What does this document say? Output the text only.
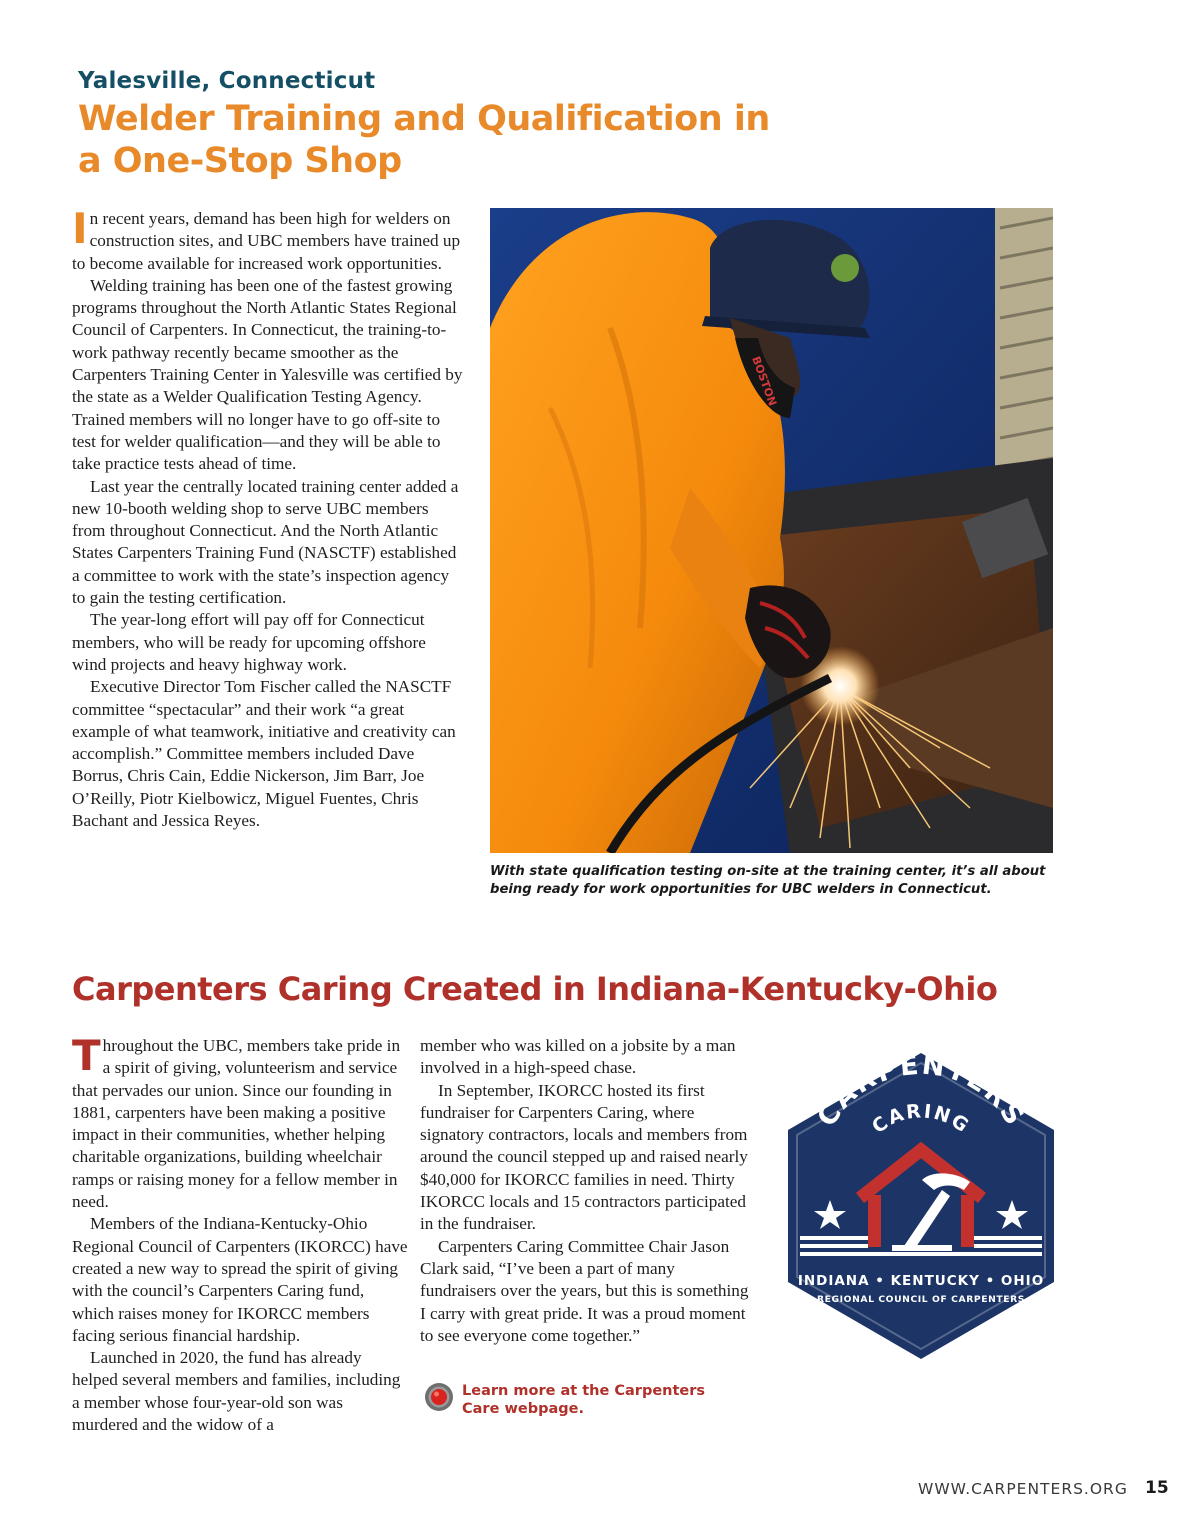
Yalesville, Connecticut
Welder Training and Qualification in a One-Stop Shop

In recent years, demand has been high for welders on construction sites, and UBC members have trained up to become available for increased work opportunities.

Welding training has been one of the fastest growing programs throughout the North Atlantic States Regional Council of Carpenters. In Connecticut, the training-to-work pathway recently became smoother as the Carpenters Training Center in Yalesville was certified by the state as a Welder Qualification Testing Agency. Trained members will no longer have to go off-site to test for welder qualification—and they will be able to take practice tests ahead of time.

Last year the centrally located training center added a new 10-booth welding shop to serve UBC members from throughout Connecticut. And the North Atlantic States Carpenters Training Fund (NASCTF) established a committee to work with the state’s inspection agency to gain the testing certification.

The year-long effort will pay off for Connecticut members, who will be ready for upcoming offshore wind projects and heavy highway work.

Executive Director Tom Fischer called the NASCTF committee “spectacular” and their work “a great example of what teamwork, initiative and creativity can accomplish.” Committee members included Dave Borrus, Chris Cain, Eddie Nickerson, Jim Barr, Joe O’Reilly, Piotr Kielbowicz, Miguel Fuentes, Chris Bachant and Jessica Reyes.

BOSTON
With state qualification testing on-site at the training center, it’s all about being ready for work opportunities for UBC welders in Connecticut.
Carpenters Caring Created in Indiana-Kentucky-Ohio

Throughout the UBC, members take pride in a spirit of giving, volunteerism and service that pervades our union. Since our founding in 1881, carpenters have been making a positive impact in their communities, whether helping charitable organizations, building wheelchair ramps or raising money for a fellow member in need.

Members of the Indiana-Kentucky-Ohio Regional Council of Carpenters (IKORCC) have created a new way to spread the spirit of giving with the council’s Carpenters Caring fund, which raises money for IKORCC members facing serious financial hardship.

Launched in 2020, the fund has already helped several members and families, including a member whose four-year-old son was murdered and the widow of a

member who was killed on a jobsite by a man involved in a high-speed chase.

In September, IKORCC hosted its first fundraiser for Carpenters Caring, where signatory contractors, locals and members from around the council stepped up and raised nearly $40,000 for IKORCC families in need. Thirty IKORCC locals and 15 contractors participated in the fundraiser.

Carpenters Caring Committee Chair Jason Clark said, “I’ve been a part of many fundraisers over the years, but this is something I carry with great pride. It was a proud moment to see everyone come together.”

Learn more at the Carpenters Care webpage.
CARPENTERS
CARING
INDIANA • KENTUCKY • OHIO
REGIONAL COUNCIL OF CARPENTERS
WWW.CARPENTERS.ORG 15
